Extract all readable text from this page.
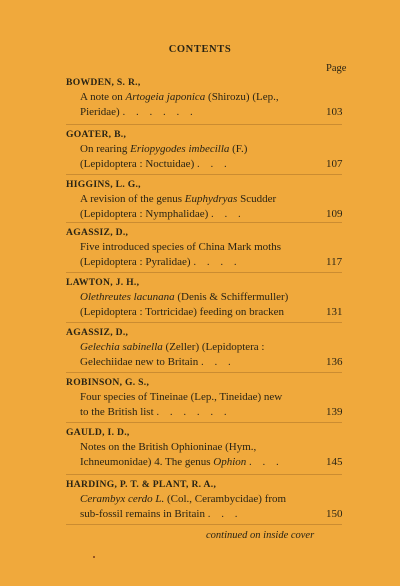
CONTENTS
Page
BOWDEN, S. R.,
A note on Artogeia japonica (Shirozu) (Lep.,
Pieridae) . . . . . .	103
GOATER, B.,
On rearing Eriopygodes imbecilla (F.)
(Lepidoptera : Noctuidae) . . .	107
HIGGINS, L. G.,
A revision of the genus Euphydryas Scudder
(Lepidoptera : Nymphalidae) . . .	109
AGASSIZ, D.,
Five introduced species of China Mark moths
(Lepidoptera : Pyralidae) . . . .	117
LAWTON, J. H.,
Olethreutes lacunana (Denis & Schiffermuller)
(Lepidoptera : Tortricidae) feeding on bracken	131
AGASSIZ, D.,
Gelechia sabinella (Zeller) (Lepidoptera :
Gelechiidae new to Britain . . .	136
ROBINSON, G. S.,
Four species of Tineinae (Lep., Tineidae) new
to the British list . . . . . .	139
GAULD, I. D.,
Notes on the British Ophioninae (Hym.,
Ichneumonidae) 4. The genus Ophion . . .	145
HARDING, P. T. & PLANT, R. A.,
Cerambyx cerdo L. (Col., Cerambycidae) from
sub-fossil remains in Britain . . .	150
continued on inside cover
